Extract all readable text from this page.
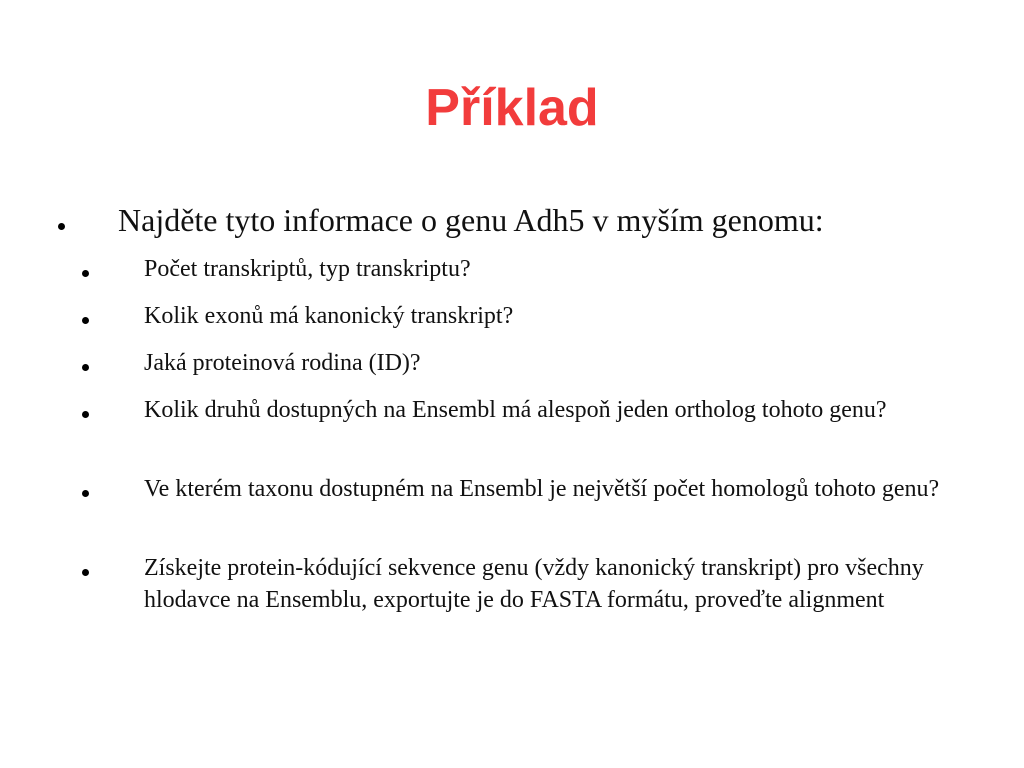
Příklad
Najděte tyto informace o genu Adh5 v myším genomu:
Počet transkriptů, typ transkriptu?
Kolik exonů má kanonický transkript?
Jaká proteinová rodina (ID)?
Kolik druhů dostupných na Ensembl má alespoň jeden ortholog tohoto genu?
Ve kterém taxonu dostupném na Ensembl je největší počet homologů tohoto genu?
Získejte protein-kódující sekvence genu (vždy kanonický transkript) pro všechny hlodavce na Ensemblu, exportujte je do FASTA formátu, proveďte alignment
